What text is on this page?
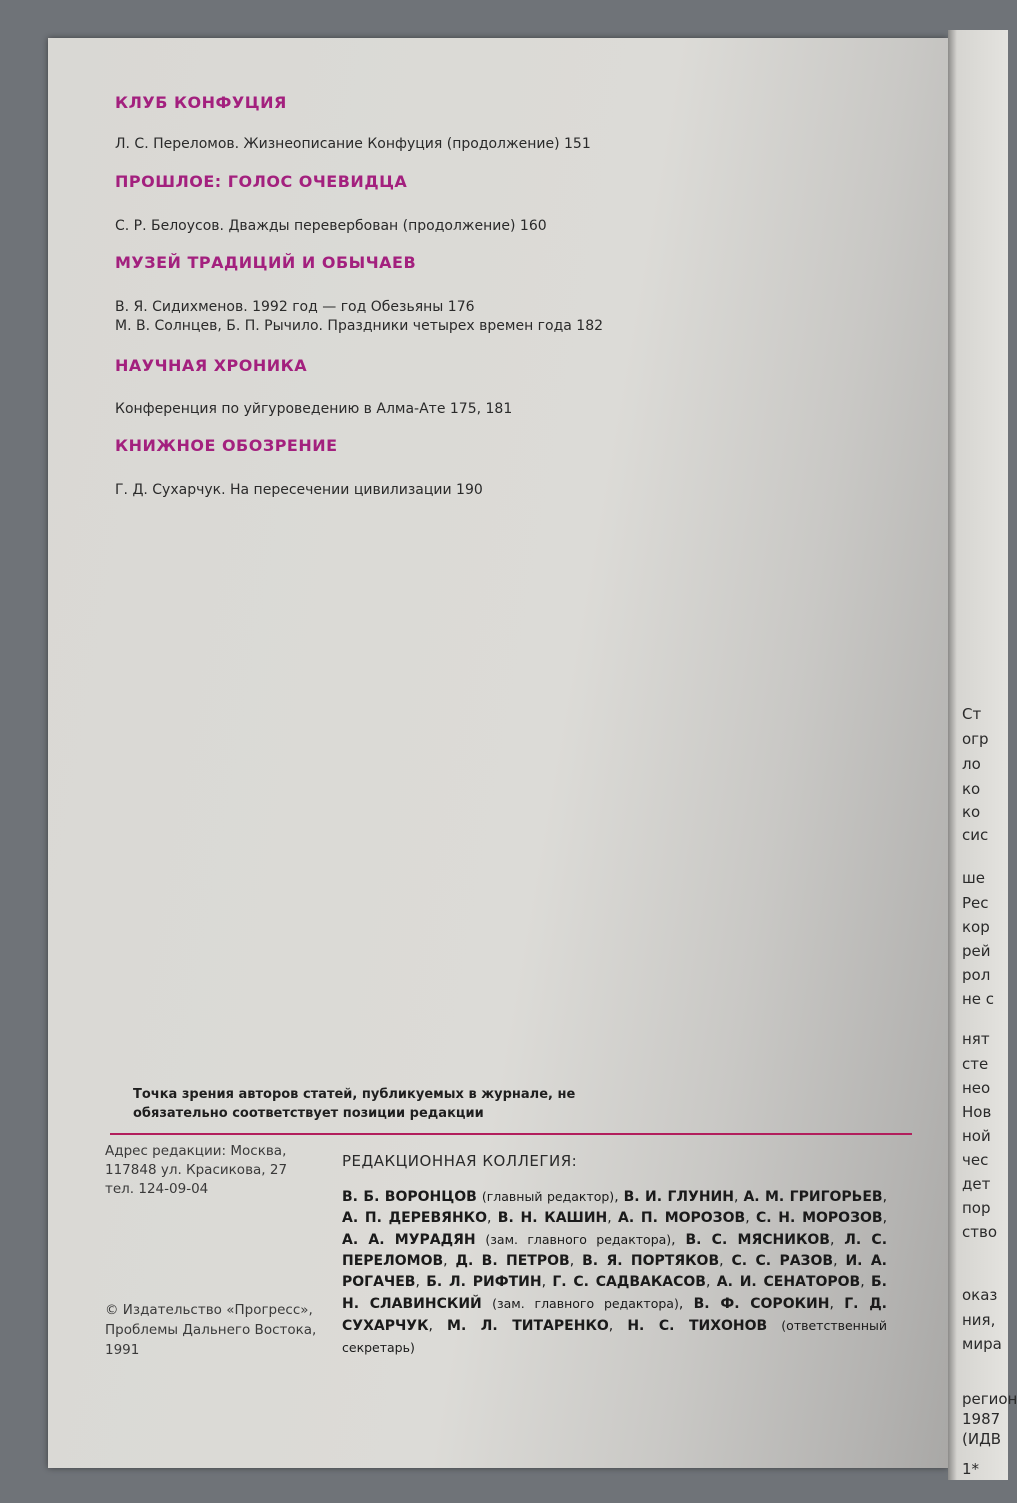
Ст
огр
ло
ко
ко
сис
ше
Рес
кор
рей
рол
не с
нят
сте
нео
Нов
ной
чес
дет
пор
ство
оказ
ния,
мира
регион
1987
(ИДВ
1*
КЛУБ КОНФУЦИЯ
Л. С. Переломов. Жизнеописание Конфуция (продолжение) 151
ПРОШЛОЕ: ГОЛОС ОЧЕВИДЦА
С. Р. Белоусов. Дважды перевербован (продолжение) 160
МУЗЕЙ ТРАДИЦИЙ И ОБЫЧАЕВ
В. Я. Сидихменов. 1992 год — год Обезьяны 176
М. В. Солнцев, Б. П. Рычило. Праздники четырех времен года 182
НАУЧНАЯ ХРОНИКА
Конференция по уйгуроведению в Алма-Ате 175, 181
КНИЖНОЕ ОБОЗРЕНИЕ
Г. Д. Сухарчук. На пересечении цивилизации 190
Точка зрения авторов статей, публикуемых в журнале, не обязательно соответствует позиции редакции
Адрес редакции: Москва,
117848 ул. Красикова, 27
тел. 124-09-04
© Издательство «Прогресс»,
Проблемы Дальнего Востока,
1991
РЕДАКЦИОННАЯ КОЛЛЕГИЯ:
В. Б. ВОРОНЦОВ (главный редактор), В. И. ГЛУНИН, А. М. ГРИГОРЬЕВ, А. П. ДЕРЕВЯНКО, В. Н. КАШИН, А. П. МОРОЗОВ, С. Н. МОРОЗОВ, А. А. МУРАДЯН (зам. главного редактора), В. С. МЯСНИКОВ, Л. С. ПЕРЕЛОМОВ, Д. В. ПЕТРОВ, В. Я. ПОРТЯКОВ, С. С. РАЗОВ, И. А. РОГАЧЕВ, Б. Л. РИФТИН, Г. С. САДВАКАСОВ, А. И. СЕНАТОРОВ, Б. Н. СЛАВИНСКИЙ (зам. главного редактора), В. Ф. СОРОКИН, Г. Д. СУХАРЧУК, М. Л. ТИТАРЕНКО, Н. С. ТИХОНОВ (ответственный секретарь)
